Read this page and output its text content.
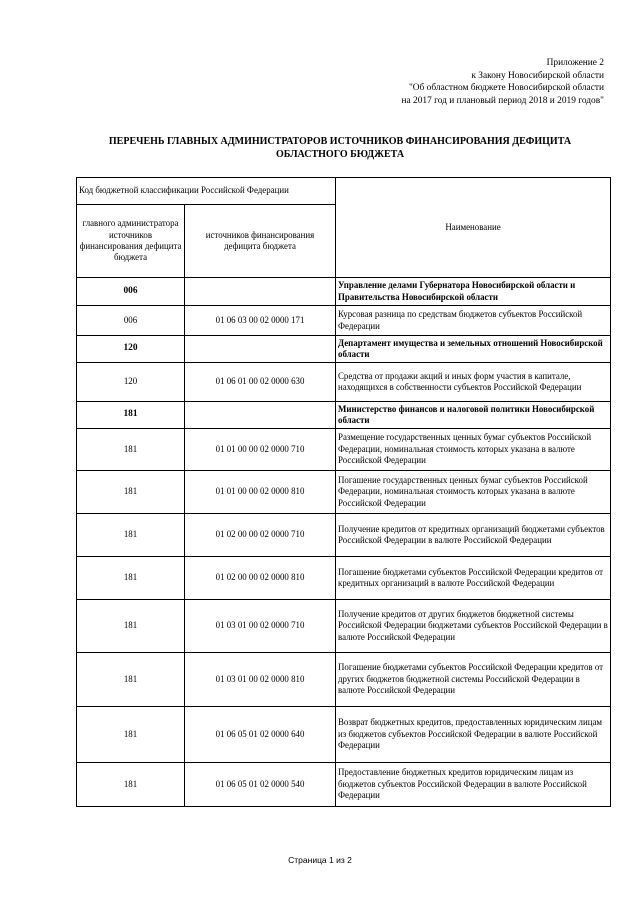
Приложение 2
к Закону Новосибирской области
"Об областном бюджете Новосибирской области
на 2017 год и плановый период 2018 и 2019 годов"
ПЕРЕЧЕНЬ ГЛАВНЫХ АДМИНИСТРАТОРОВ ИСТОЧНИКОВ ФИНАНСИРОВАНИЯ ДЕФИЦИТА
ОБЛАСТНОГО БЮДЖЕТА
Код бюджетной классификации Российской Федерации		Наименование
главного администратора источников финансирования дефицита бюджета	источников финансирования дефицита бюджета	
006		Управление делами Губернатора Новосибирской области и Правительства Новосибирской области
006	01 06 03 00 02 0000 171	Курсовая разница по средствам бюджетов субъектов Российской Федерации
120		Департамент имущества и земельных отношений Новосибирской области
120	01 06 01 00 02 0000 630	Средства от продажи акций и иных форм участия в капитале, находящихся в собственности субъектов Российской Федерации
181		Министерство финансов и налоговой политики Новосибирской области
181	01 01 00 00 02 0000 710	Размещение государственных ценных бумаг субъектов Российской Федерации, номинальная стоимость которых указана в валюте Российской Федерации
181	01 01 00 00 02 0000 810	Погашение государственных ценных бумаг субъектов Российской Федерации, номинальная стоимость которых указана в валюте Российской Федерации
181	01 02 00 00 02 0000 710	Получение кредитов от кредитных организаций бюджетами субъектов Российской Федерации в валюте Российской Федерации
181	01 02 00 00 02 0000 810	Погашение бюджетами субъектов Российской Федерации кредитов от кредитных организаций в валюте Российской Федерации
181	01 03 01 00 02 0000 710	Получение кредитов от других бюджетов бюджетной системы Российской Федерации бюджетами субъектов Российской Федерации в валюте Российской Федерации
181	01 03 01 00 02 0000 810	Погашение бюджетами субъектов Российской Федерации кредитов от других бюджетов бюджетной системы Российской Федерации в валюте Российской Федерации
181	01 06 05 01 02 0000 640	Возврат бюджетных кредитов, предоставленных юридическим лицам из бюджетов субъектов Российской Федерации в валюте Российской Федерации
181	01 06 05 01 02 0000 540	Предоставление бюджетных кредитов юридическим лицам из бюджетов субъектов Российской Федерации в валюте Российской Федерации
Страница 1 из 2
